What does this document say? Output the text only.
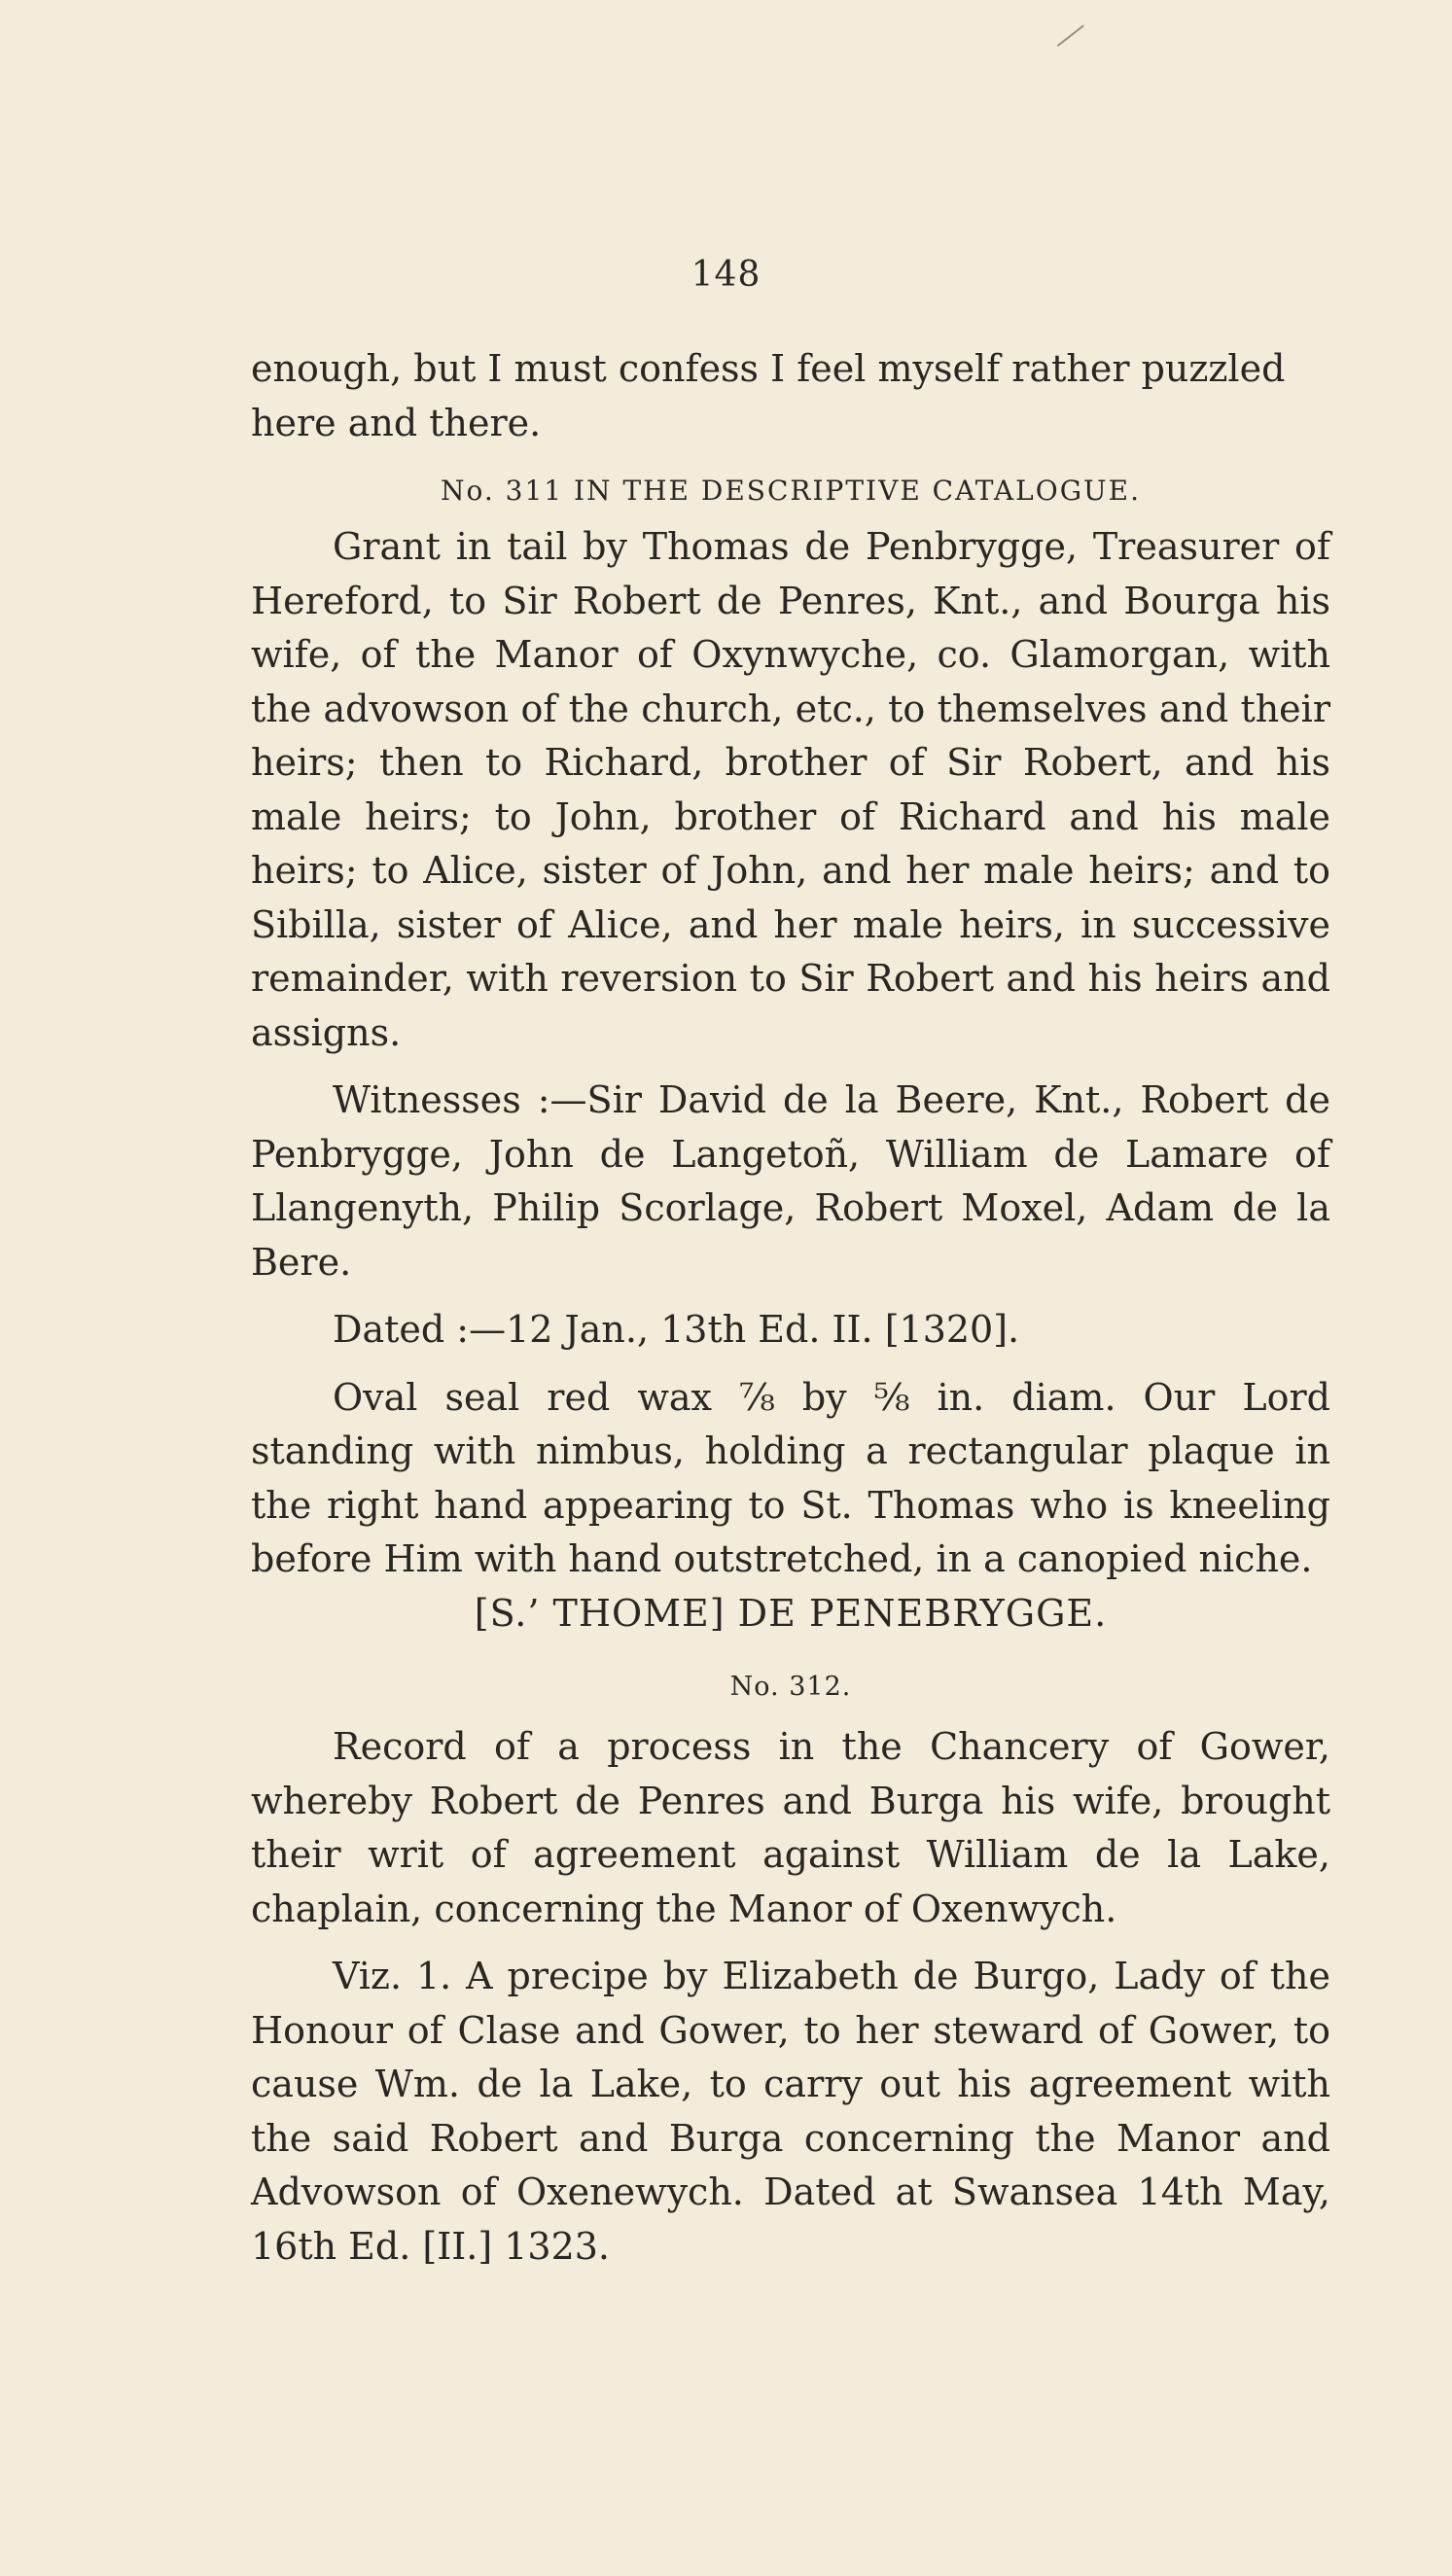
148

enough, but I must confess I feel myself rather puzzled here and there.

No. 311 IN THE DESCRIPTIVE CATALOGUE.

Grant in tail by Thomas de Penbrygge, Treasurer of Hereford, to Sir Robert de Penres, Knt., and Bourga his wife, of the Manor of Oxynwyche, co. Glamorgan, with the advowson of the church, etc., to themselves and their heirs; then to Richard, brother of Sir Robert, and his male heirs; to John, brother of Richard and his male heirs; to Alice, sister of John, and her male heirs; and to Sibilla, sister of Alice, and her male heirs, in successive remainder, with reversion to Sir Robert and his heirs and assigns.

Witnesses :—Sir David de la Beere, Knt., Robert de Penbrygge, John de Langetoñ, William de Lamare of Llangenyth, Philip Scorlage, Robert Moxel, Adam de la Bere.

Dated :—12 Jan., 13th Ed. II. [1320].

Oval seal red wax ⅞ by ⅝ in. diam. Our Lord standing with nimbus, holding a rectangular plaque in the right hand appearing to St. Thomas who is kneeling before Him with hand outstretched, in a canopied niche.

[S.’ THOME] DE PENEBRYGGE.

No. 312.

Record of a process in the Chancery of Gower, whereby Robert de Penres and Burga his wife, brought their writ of agreement against William de la Lake, chaplain, concerning the Manor of Oxenwych.

Viz. 1. A precipe by Elizabeth de Burgo, Lady of the Honour of Clase and Gower, to her steward of Gower, to cause Wm. de la Lake, to carry out his agreement with the said Robert and Burga concerning the Manor and Advowson of Oxenewych. Dated at Swansea 14th May, 16th Ed. [II.] 1323.
